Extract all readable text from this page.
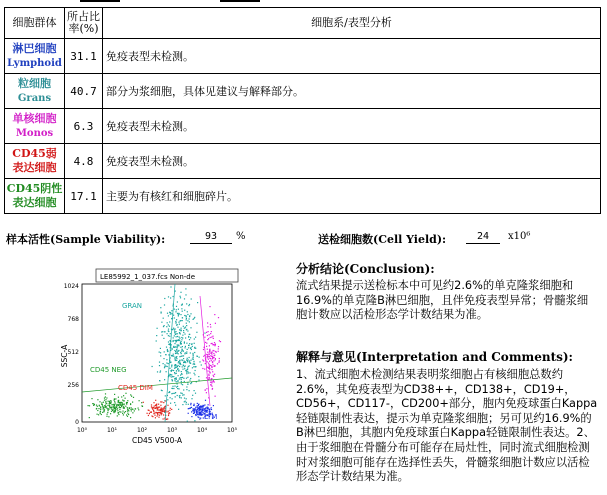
细胞群体	所占比
率(%)	细胞系/表型分析
淋巴细胞
Lymphoid	31.1	免疫表型未检测。
粒细胞
Grans	40.7	部分为浆细胞，具体见建议与解释部分。
单核细胞
Monos	6.3	免疫表型未检测。
CD45弱
表达细胞	4.8	免疫表型未检测。
CD45阴性
表达细胞	17.1	主要为有核红和细胞碎片。
样本活性(Sample Viability):	93	%	送检细胞数(Cell Yield):	24	x10⁶
LE85992_1_037.fcs Non-de
GRAN
CD45 NEG
CD45 DIM
LYM
1024
768
512
256
0
10⁰	10¹	10²	10³	10⁴	10⁵
CD45 V500-A
SSC-A
分析结论(Conclusion):
流式结果提示送检标本中可见约2.6%的单克隆浆细胞和16.9%的单克隆B淋巴细胞，且伴免疫表型异常；骨髓浆细胞计数应以活检形态学计数结果为准。
解释与意见(Interpretation and Comments):
1、流式细胞术检测结果表明浆细胞占有核细胞总数约2.6%，其免疫表型为CD38++，CD138+，CD19+，CD56+，CD117-，CD200+部分，胞内免疫球蛋白Kappa轻链限制性表达，提示为单克隆浆细胞；另可见约16.9%的B淋巴细胞，其胞内免疫球蛋白Kappa轻链限制性表达。2、由于浆细胞在骨髓分布可能存在局灶性，同时流式细胞检测时对浆细胞可能存在选择性丢失，骨髓浆细胞计数应以活检形态学计数结果为准。
